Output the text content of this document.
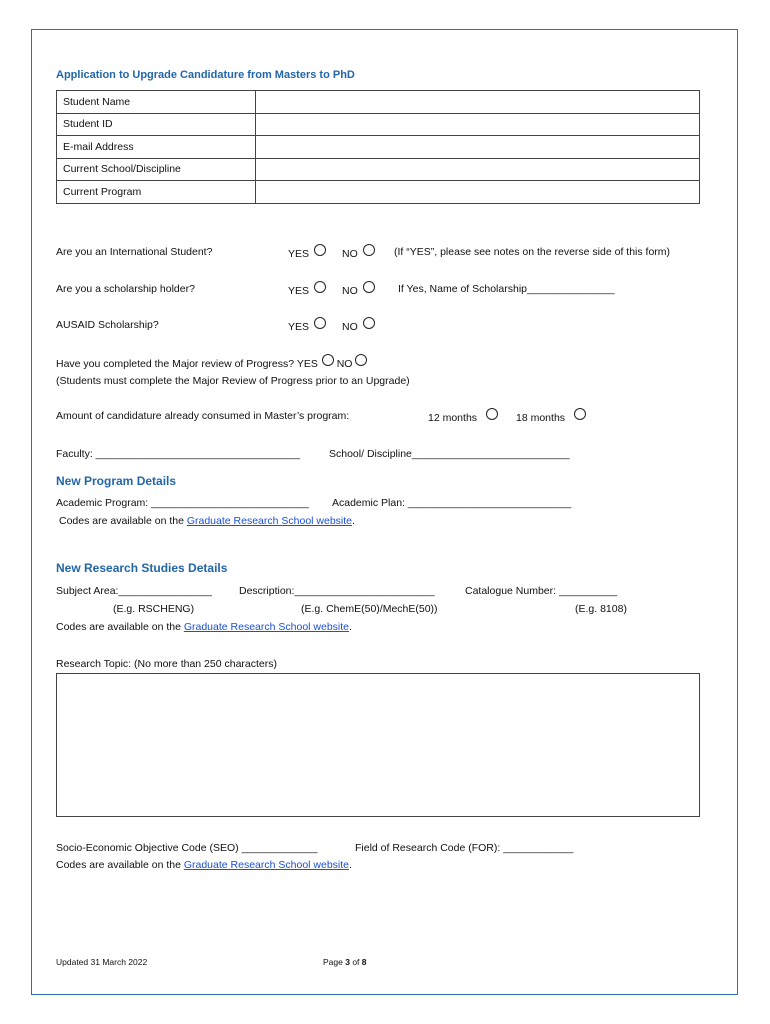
Application to Upgrade Candidature from Masters to PhD
Student Name	
Student ID	
E-mail Address	
Current School/Discipline	
Current Program	
Are you an International Student?	YES	NO	(If “YES”, please see notes on the reverse side of this form)
Are you a scholarship holder?	YES	NO	If Yes, Name of Scholarship_______________
AUSAID Scholarship?	YES	NO
Have you completed the Major review of Progress? YES NO
(Students must complete the Major Review of Progress prior to an Upgrade)
Amount of candidature already consumed in Master’s program:	12 months	18 months
Faculty: ___________________________________	School/ Discipline___________________________
New Program Details
Academic Program: ___________________________ Academic Plan: ____________________________
Codes are available on the Graduate Research School website.
New Research Studies Details
Subject Area:________________	Description:________________________	Catalogue Number: __________
(E.g. RSCHENG)	(E.g. ChemE(50)/MechE(50))	(E.g. 8108)
Codes are available on the Graduate Research School website.
Research Topic: (No more than 250 characters)
Socio-Economic Objective Code (SEO) _____________	Field of Research Code (FOR): ____________
Codes are available on the Graduate Research School website.
Updated 31 March 2022	Page 3 of 8
